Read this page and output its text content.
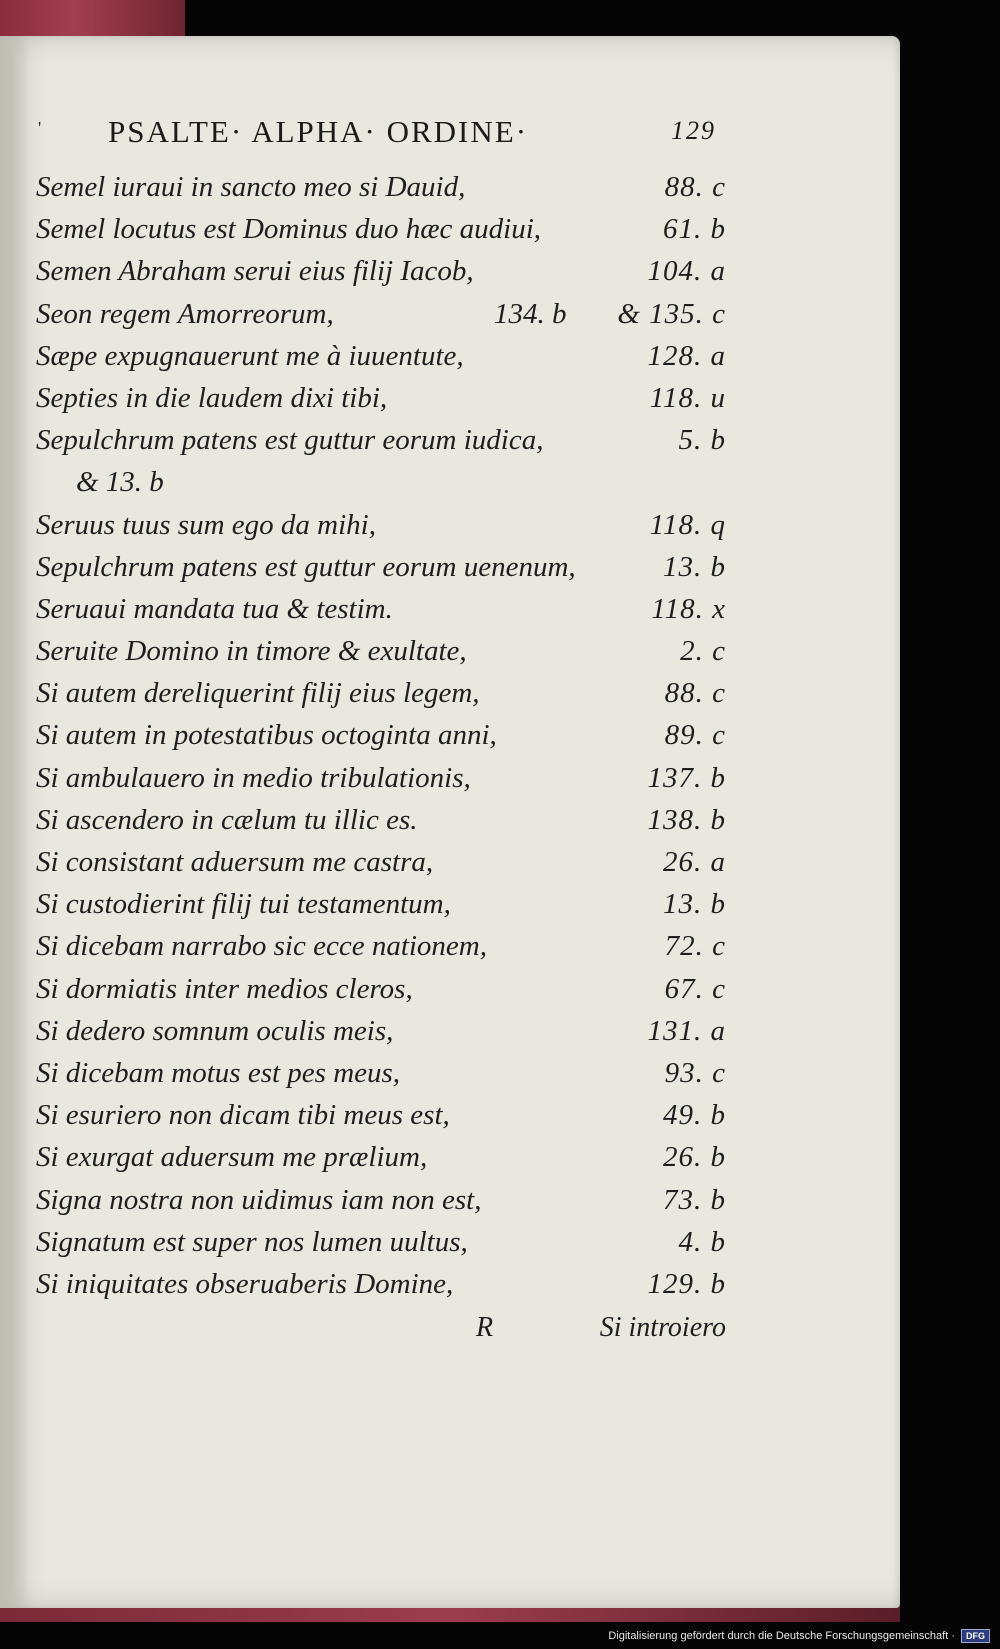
' PSALTE· ALPHA· ORDINE·	129
Semel iuraui in sancto meo si Dauid,	88. c
Semel locutus est Dominus duo hæc audiui,	61. b
Semen Abraham serui eius filij Iacob,	104. a
Seon regem Amorreorum,	134. b & 135. c
Sæpe expugnauerunt me à iuuentute,	128. a
Septies in die laudem dixi tibi,	118. u
Sepulchrum patens est guttur eorum iudica,	5. b
& 13. b
Seruus tuus sum ego da mihi,	118. q
Sepulchrum patens est guttur eorum uenenum,	13. b
Seruaui mandata tua & testim.	118. x
Seruite Domino in timore & exultate,	2. c
Si autem dereliquerint filij eius legem,	88. c
Si autem in potestatibus octoginta anni,	89. c
Si ambulauero in medio tribulationis,	137. b
Si ascendero in cælum tu illic es.	138. b
Si consistant aduersum me castra,	26. a
Si custodierint filij tui testamentum,	13. b
Si dicebam narrabo sic ecce nationem,	72. c
Si dormiatis inter medios cleros,	67. c
Si dedero somnum oculis meis,	131. a
Si dicebam motus est pes meus,	93. c
Si esuriero non dicam tibi meus est,	49. b
Si exurgat aduersum me prælium,	26. b
Signa nostra non uidimus iam non est,	73. b
Signatum est super nos lumen uultus,	4. b
Si iniquitates obseruaberis Domine,	129. b
R	Si introiero
Digitalisierung gefördert durch die Deutsche Forschungsgemeinschaft ·	DFG
